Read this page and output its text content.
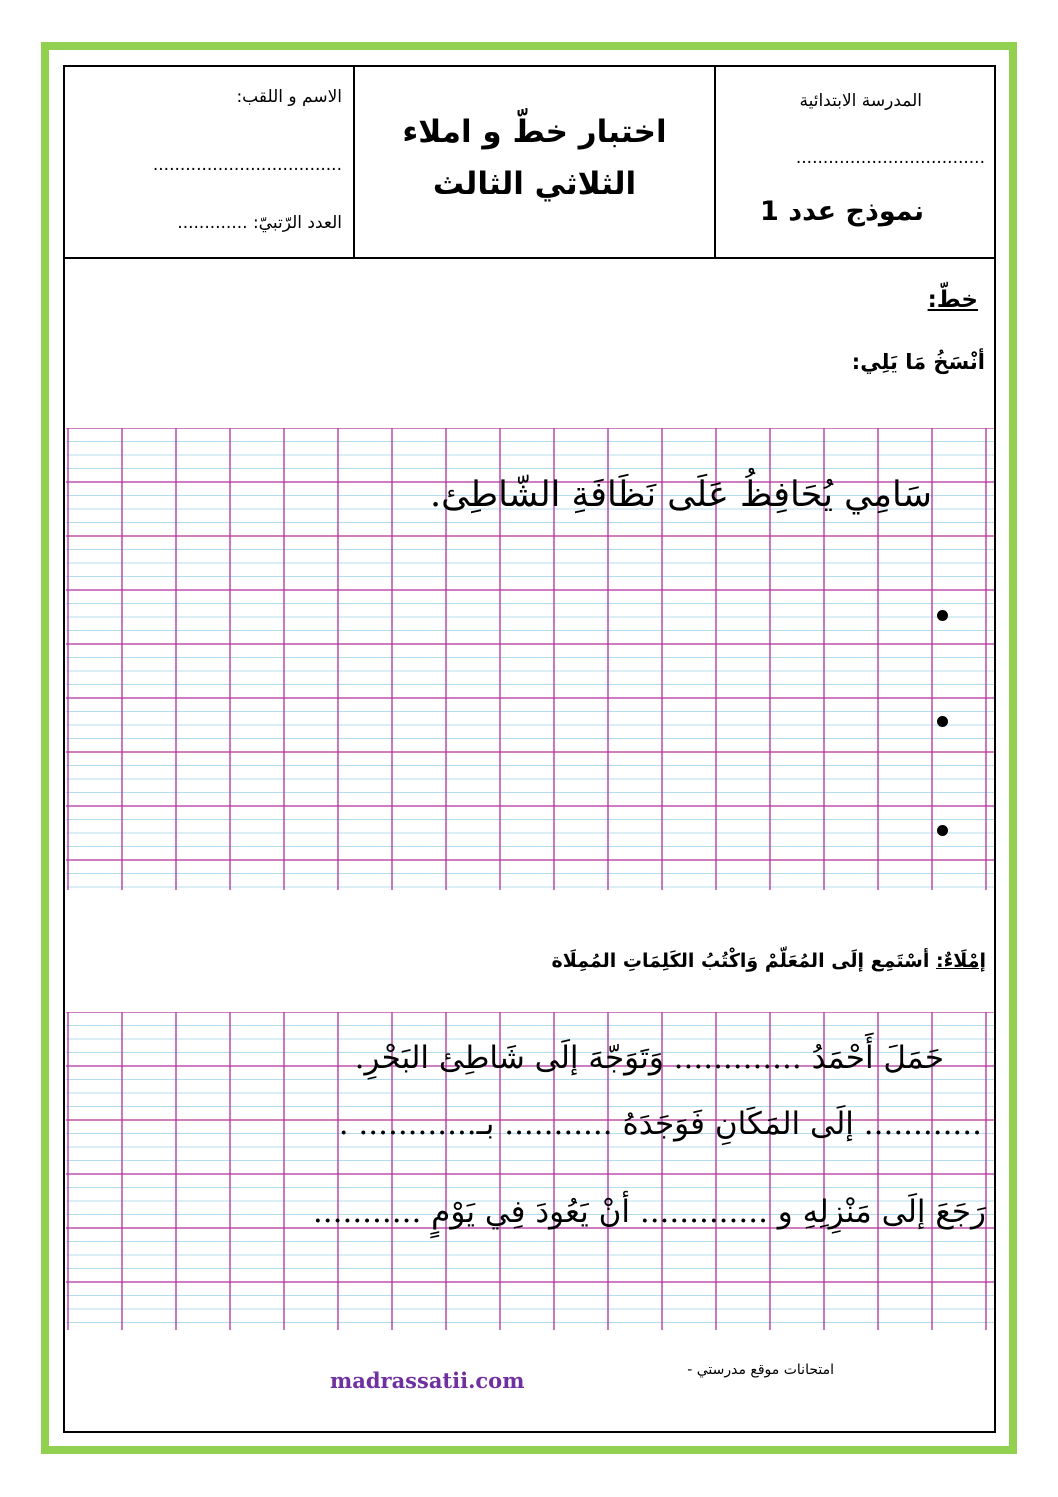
المدرسة الابتدائية
...................................
نموذج عدد 1
اختبار خطّ و املاء
الثلاثي الثالث
الاسم و اللقب:
...................................
العدد الرّتبيّ: .............
خطّ:
أنْسَخُ مَا يَلِي:
سَامِي يُحَافِظُ عَلَى نَظَافَةِ الشّاطِئ.
إمْلَاءٌ: أسْتَمِع إلَى المُعَلّمْ وَاكْتُبُ الكَلِمَاتِ المُمِلَاة
حَمَلَ أَحْمَدُ ............. وَتَوَجّهَ إلَى شَاطِئ البَحْرِ.
............ إلَى المَكَانِ فَوَجَدَهُ ........... بـ............ .
رَجَعَ إلَى مَنْزِلِهِ و ............. أنْ يَعُودَ فِي يَوْمٍ ...........
madrassatii.com	امتحانات موقع مدرستي -
